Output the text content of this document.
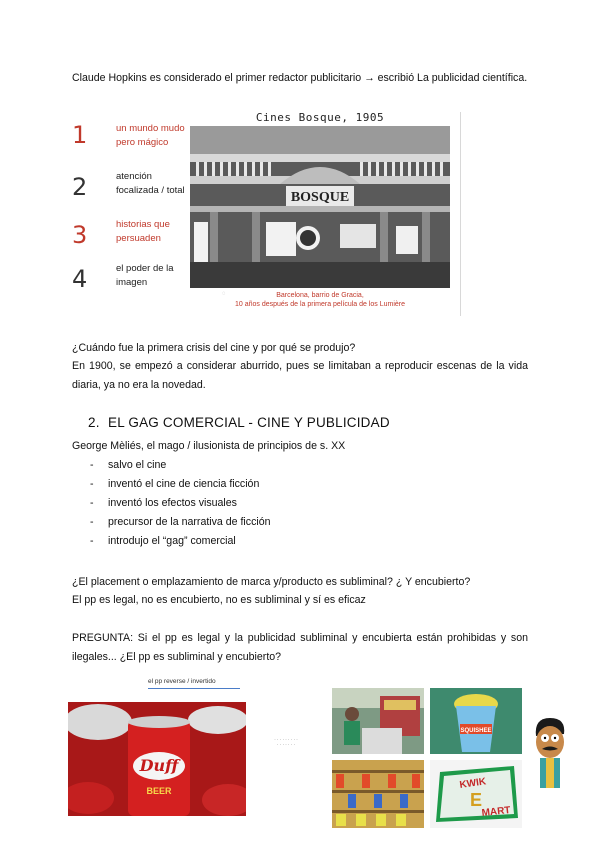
Claude Hopkins es considerado el primer redactor publicitario → escribió La publicidad científica.

1	un mundo mudo
pero mágico
2	atención
focalizada / total
3	historias que
persuaden
4	el poder de la
imagen
Cines Bosque, 1905
BOSQUE
Barcelona, barrio de Gracia,
10 años después de la primera película de los Lumière
◌

¿Cuándo fue la primera crisis del cine y por qué se produjo?

En 1900, se empezó a considerar aburrido, pues se limitaban a reproducir escenas de la vida diaria, ya no era la novedad.

2. EL GAG COMERCIAL - CINE Y PUBLICIDAD

George Mèliés, el mago / ilusionista de principios de s. XX

- salvo el cine
- inventó el cine de ciencia ficción
- inventó los efectos visuales
- precursor de la narrativa de ficción
- introdujo el “gag” comercial

¿El placement o emplazamiento de marca y/producto es subliminal? ¿ Y encubierto?

El pp es legal, no es encubierto, no es subliminal y sí es eficaz

PREGUNTA: Si el pp es legal y la publicidad subliminal y encubierta están prohibidas y son ilegales... ¿El pp es subliminal y encubierto?

el pp reverse / invertido
Duff
BEER
· · · · · · · · ·
· · · · · · ·
SQUISHEE
KWIK
E
MART
